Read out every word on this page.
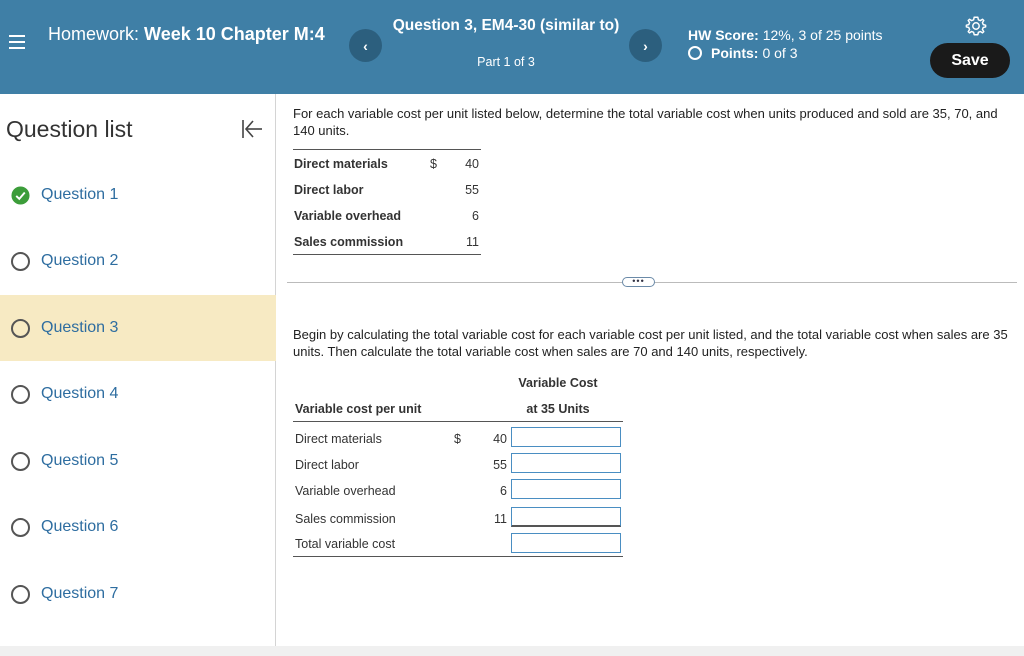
Homework: Week 10 Chapter M:4
‹
Question 3, EM4-30 (similar to)
Part 1 of 3
›
HW Score: 12%, 3 of 25 points
Points: 0 of 3	Save
Question list
Question 1
Question 2
Question 3
Question 4
Question 5
Question 6
Question 7
For each variable cost per unit listed below, determine the total variable cost when units produced and sold are 35, 70, and 140 units.
Direct materials	$ 40
Direct labor	55
Variable overhead	6
Sales commission	11
•••
Begin by calculating the total variable cost for each variable cost per unit listed, and the total variable cost when sales are 35 units. Then calculate the total variable cost when sales are 70 and 140 units, respectively.
Variable Cost
Variable cost per unit	at 35 Units
Direct materials	$	40
Direct labor	55
Variable overhead	6
Sales commission	11
Total variable cost
